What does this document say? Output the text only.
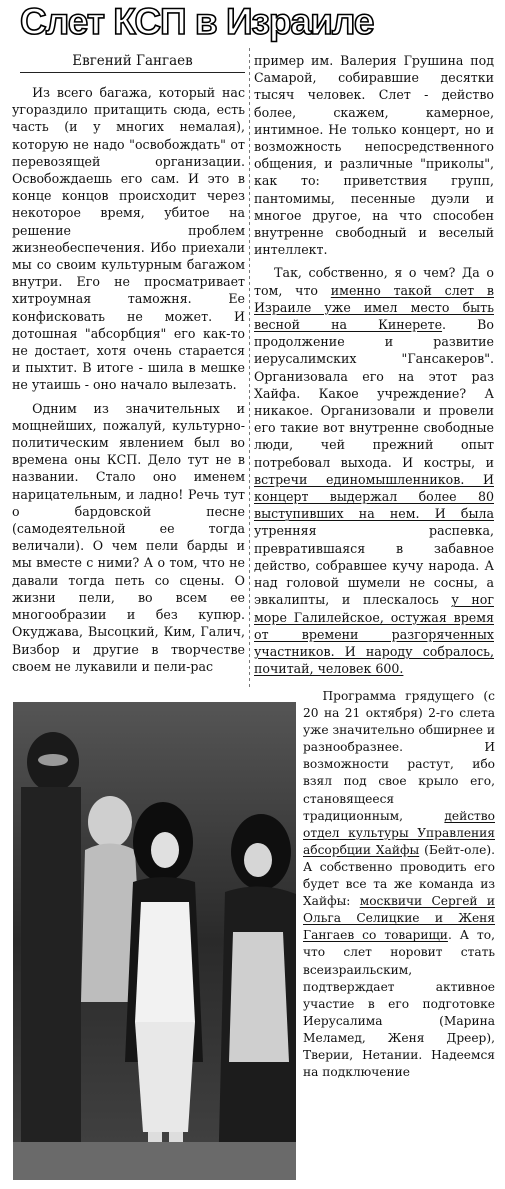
Слет КСП в Израиле
Евгений Гангаев

Из всего багажа, который нас угораздило притащить сюда, есть часть (и у многих немалая), которую не надо "освобождать" от перевозящей организации. Освобождаешь его сам. И это в конце концов происходит через некоторое время, убитое на решение проблем жизнеобеспечения. Ибо приехали мы со своим культурным багажом внутри. Его не просматривает хитроумная таможня. Ее конфисковать не может. И дотошная "абсорбция" его как-то не достает, хотя очень старается и пыхтит. В итоге - шила в мешке не утаишь - оно начало вылезать.

Одним из значительных и мощнейших, пожалуй, культурно-политическим явлением был во времена оны КСП. Дело тут не в названии. Стало оно именем нарицательным, и ладно! Речь тут о бардовской песне (самодеятельной ее тогда величали). О чем пели барды и мы вместе с ними? А о том, что не давали тогда петь со сцены. О жизни пели, во всем ее многообразии и без купюр. Окуджава, Высоцкий, Ким, Галич, Визбор и другие в творчестве своем не лукавили и пели-рас

пример им. Валерия Грушина под Самарой, собиравшие десятки тысяч человек. Слет - действо более, скажем, камерное, интимное. Не только концерт, но и возможность непосредственного общения, и различные "приколы", как то: приветствия групп, пантомимы, песенные дуэли и многое другое, на что способен внутренне свободный и веселый интеллект.

Так, собственно, я о чем? Да о том, что именно такой слет в Израиле уже имел место быть весной на Кинерете. Во продолжение и развитие иерусалимских "Гансакеров". Организовала его на этот раз Хайфа. Какое учреждение? А никакое. Организовали и провели его такие вот внутренне свободные люди, чей прежний опыт потребовал выхода. И костры, и встречи единомышленников. И концерт выдержал более 80 выступивших на нем. И была утренняя распевка, превратившаяся в забавное действо, собравшее кучу народа. А над головой шумели не сосны, а эвкалипты, и плескалось у ног море Галилейское, остужая время от времени разгоряченных участников. И народу собралось, почитай, человек 600.

Программа грядущего (с 20 на 21 октября) 2-го слета уже значительно обширнее и разнообразнее. И возможности растут, ибо взял под свое крыло его, становящееся традиционным, действо отдел культуры Управления абсорбции Хайфы (Бейт-оле). А собственно проводить его будет все та же команда из Хайфы: москвичи Сергей и Ольга Селицкие и Женя Гангаев со товарищи. А то, что слет норовит стать всеизраильским, подтверждает активное участие в его подготовке Иерусалима (Марина Меламед, Женя Дреер), Тверии, Нетании. Надеемся на подключение
